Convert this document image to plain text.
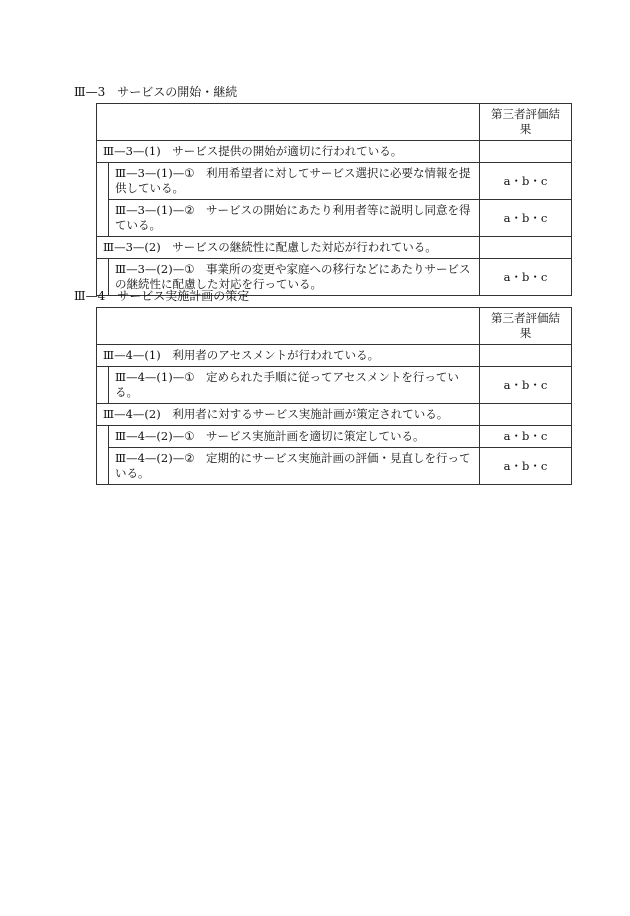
Ⅲ—3　サービスの開始・継続
		第三者評価結果
Ⅲ—3—(1)　サービス提供の開始が適切に行われている。		
	Ⅲ—3—(1)—①　利用希望者に対してサービス選択に必要な情報を提供している。	a・b・c
	Ⅲ—3—(1)—②　サービスの開始にあたり利用者等に説明し同意を得ている。	a・b・c
Ⅲ—3—(2)　サービスの継続性に配慮した対応が行われている。		
	Ⅲ—3—(2)—①　事業所の変更や家庭への移行などにあたりサービスの継続性に配慮した対応を行っている。	a・b・c
Ⅲ—4　サービス実施計画の策定
		第三者評価結果
Ⅲ—4—(1)　利用者のアセスメントが行われている。		
	Ⅲ—4—(1)—①　定められた手順に従ってアセスメントを行っている。	a・b・c
Ⅲ—4—(2)　利用者に対するサービス実施計画が策定されている。		
	Ⅲ—4—(2)—①　サービス実施計画を適切に策定している。	a・b・c
	Ⅲ—4—(2)—②　定期的にサービス実施計画の評価・見直しを行っている。	a・b・c
